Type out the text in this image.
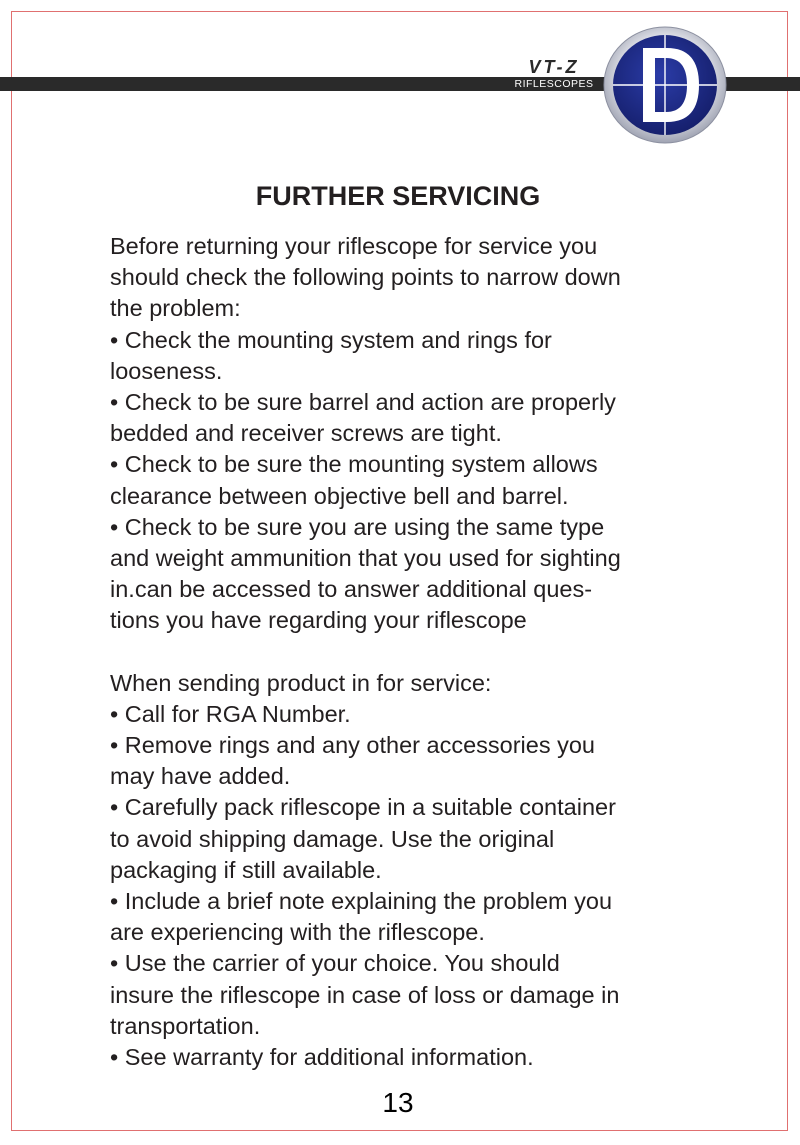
VT-Z
RIFLESCOPES
FURTHER SERVICING
Before returning your riflescope for service you
should check the following points to narrow down
the problem:
• Check the mounting system and rings for
looseness.
• Check to be sure barrel and action are properly
bedded and receiver screws are tight.
• Check to be sure the mounting system allows
clearance between objective bell and barrel.
• Check to be sure you are using the same type
and weight ammunition that you used for sighting
in.can be accessed to answer additional ques-
tions you have regarding your riflescope
When sending product in for service:
• Call for RGA Number.
• Remove rings and any other accessories you
may have added.
• Carefully pack riflescope in a suitable container
to avoid shipping damage. Use the original
packaging if still available.
• Include a brief note explaining the problem you
are experiencing with the riflescope.
• Use the carrier of your choice. You should
insure the riflescope in case of loss or damage in
transportation.
• See warranty for additional information.
13
